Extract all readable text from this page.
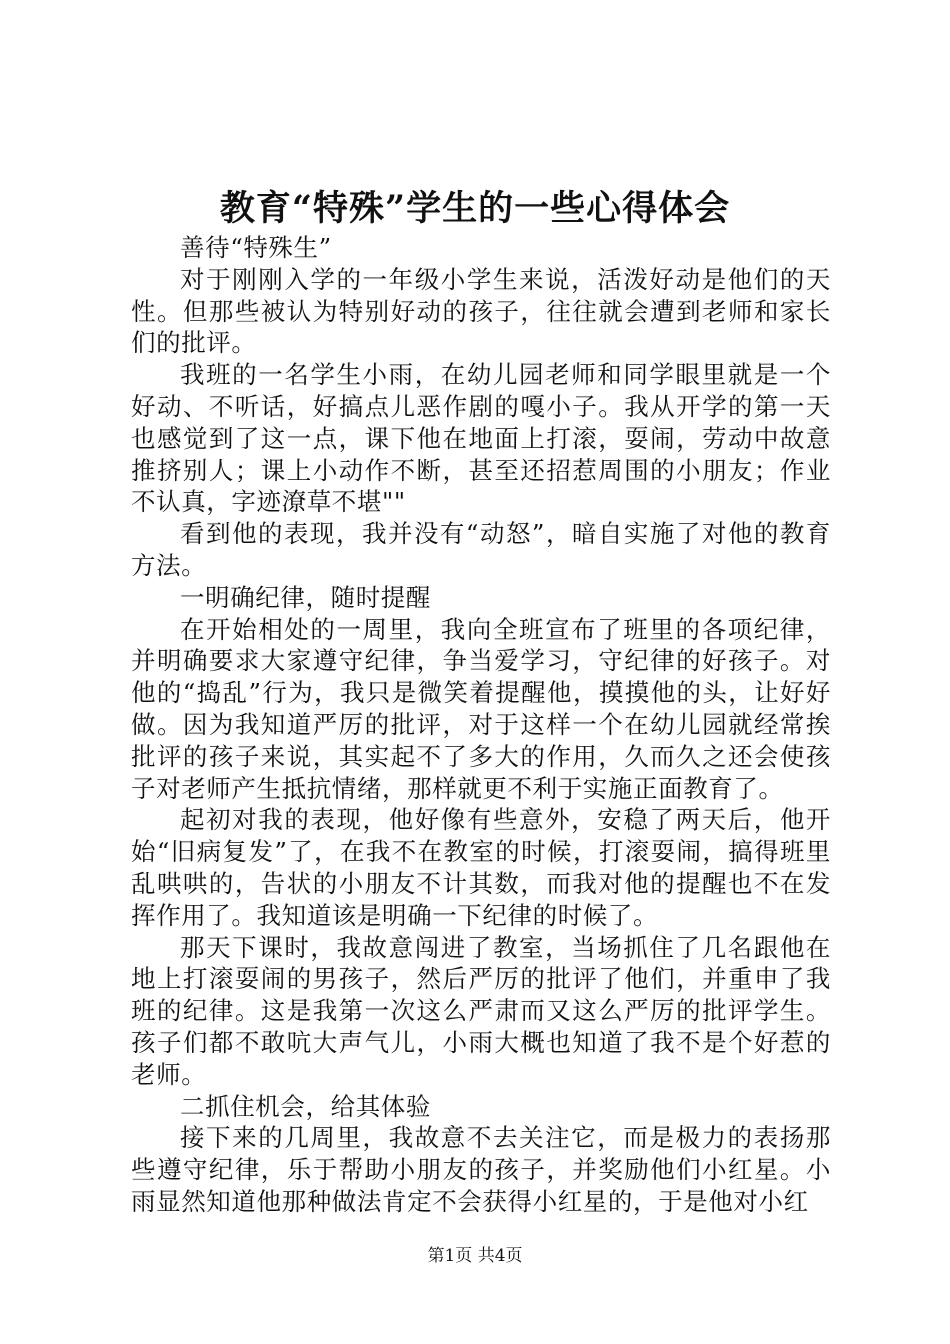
教育“特殊”学生的一些心得体会

善待“特殊生”

对于刚刚入学的一年级小学生来说，活泼好动是他们的天性。但那些被认为特别好动的孩子，往往就会遭到老师和家长们的批评。

我班的一名学生小雨，在幼儿园老师和同学眼里就是一个好动、不听话，好搞点儿恶作剧的嘎小子。我从开学的第一天也感觉到了这一点，课下他在地面上打滚，耍闹，劳动中故意推挤别人；课上小动作不断，甚至还招惹周围的小朋友；作业不认真，字迹潦草不堪""

看到他的表现，我并没有“动怒”，暗自实施了对他的教育方法。

一明确纪律，随时提醒

在开始相处的一周里，我向全班宣布了班里的各项纪律，并明确要求大家遵守纪律，争当爱学习，守纪律的好孩子。对他的“捣乱”行为，我只是微笑着提醒他，摸摸他的头，让好好做。因为我知道严厉的批评，对于这样一个在幼儿园就经常挨批评的孩子来说，其实起不了多大的作用，久而久之还会使孩子对老师产生抵抗情绪，那样就更不利于实施正面教育了。

起初对我的表现，他好像有些意外，安稳了两天后，他开始“旧病复发”了，在我不在教室的时候，打滚耍闹，搞得班里乱哄哄的，告状的小朋友不计其数，而我对他的提醒也不在发挥作用了。我知道该是明确一下纪律的时候了。

那天下课时，我故意闯进了教室，当场抓住了几名跟他在地上打滚耍闹的男孩子，然后严厉的批评了他们，并重申了我班的纪律。这是我第一次这么严肃而又这么严厉的批评学生。孩子们都不敢吭大声气儿，小雨大概也知道了我不是个好惹的老师。

二抓住机会，给其体验

接下来的几周里，我故意不去关注它，而是极力的表扬那些遵守纪律，乐于帮助小朋友的孩子，并奖励他们小红星。小雨显然知道他那种做法肯定不会获得小红星的，于是他对小红

第1页 共4页
